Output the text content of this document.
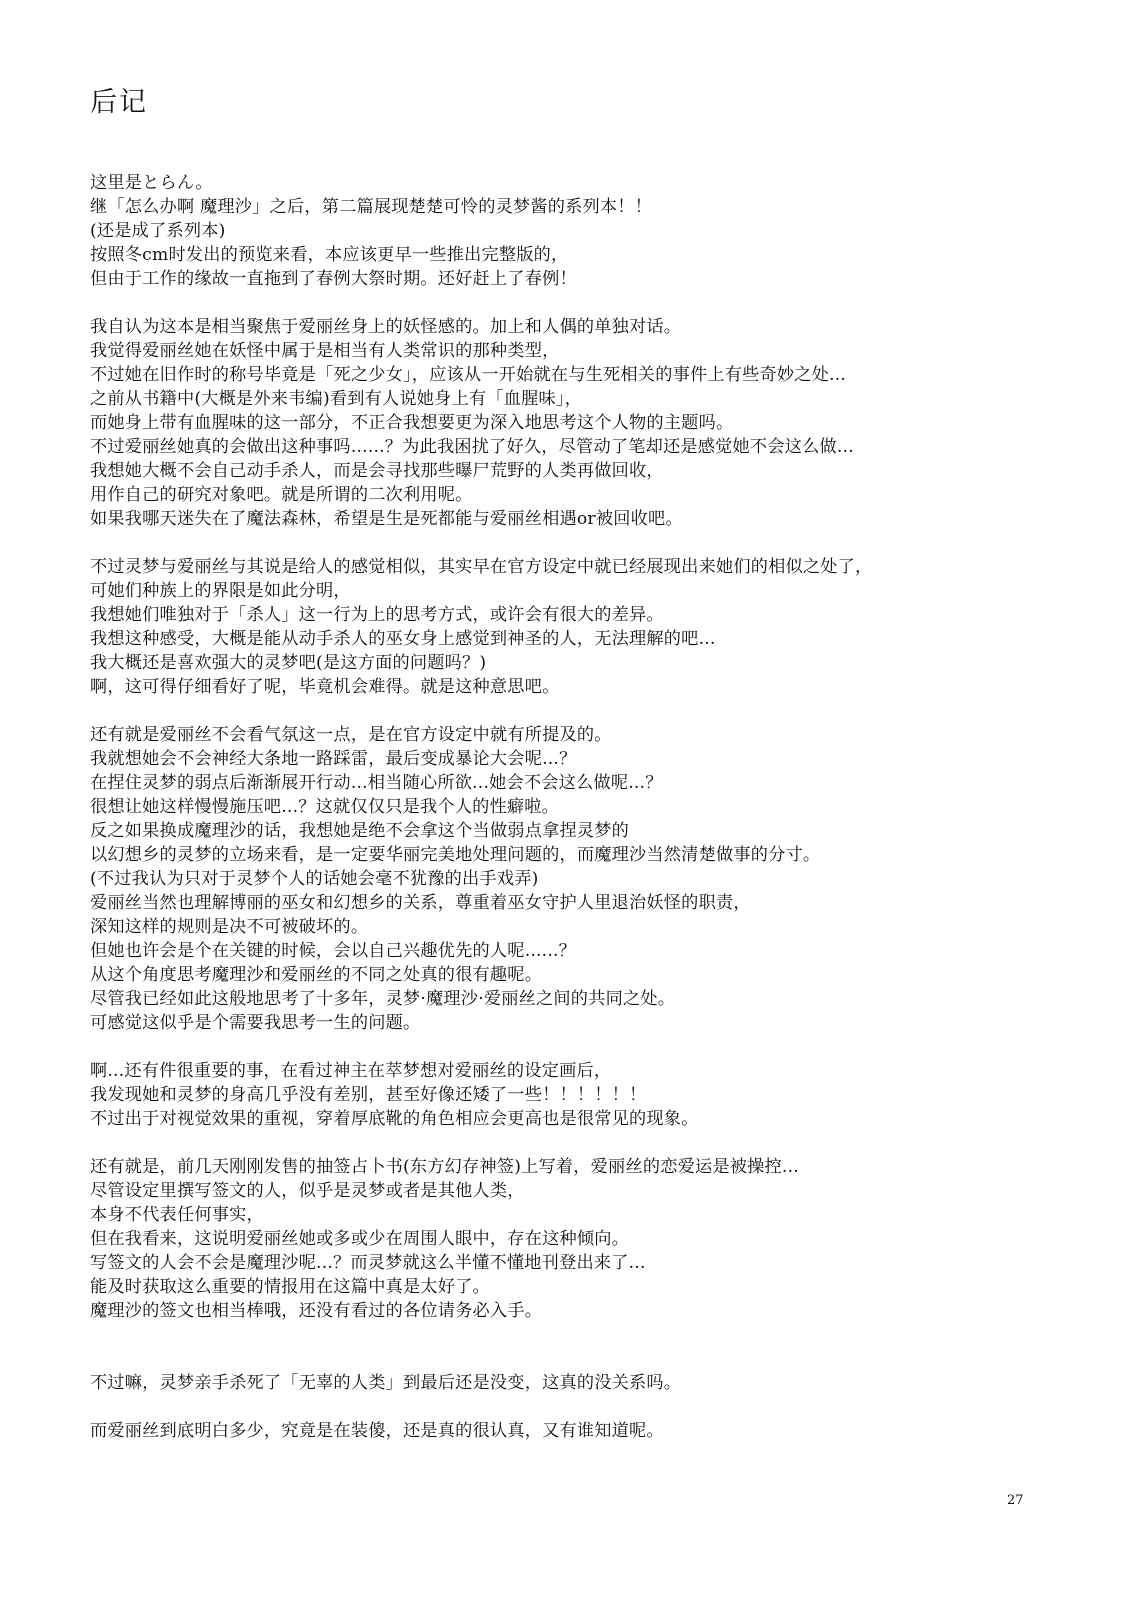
后记
这里是とらん。
继「怎么办啊 魔理沙」之后，第二篇展现楚楚可怜的灵梦酱的系列本！！
(还是成了系列本)
按照冬cm时发出的预览来看，本应该更早一些推出完整版的，
但由于工作的缘故一直拖到了春例大祭时期。还好赶上了春例！
我自认为这本是相当聚焦于爱丽丝身上的妖怪感的。加上和人偶的单独对话。
我觉得爱丽丝她在妖怪中属于是相当有人类常识的那种类型，
不过她在旧作时的称号毕竟是「死之少女」，应该从一开始就在与生死相关的事件上有些奇妙之处...
之前从书籍中(大概是外来韦编)看到有人说她身上有「血腥味」，
而她身上带有血腥味的这一部分，不正合我想要更为深入地思考这个人物的主题吗。
不过爱丽丝她真的会做出这种事吗......？为此我困扰了好久，尽管动了笔却还是感觉她不会这么做...
我想她大概不会自己动手杀人，而是会寻找那些曝尸荒野的人类再做回收，
用作自己的研究对象吧。就是所谓的二次利用呢。
如果我哪天迷失在了魔法森林，希望是生是死都能与爱丽丝相遇or被回收吧。
不过灵梦与爱丽丝与其说是给人的感觉相似，其实早在官方设定中就已经展现出来她们的相似之处了，
可她们种族上的界限是如此分明，
我想她们唯独对于「杀人」这一行为上的思考方式，或许会有很大的差异。
我想这种感受，大概是能从动手杀人的巫女身上感觉到神圣的人，无法理解的吧...
我大概还是喜欢强大的灵梦吧(是这方面的问题吗？)
啊，这可得仔细看好了呢，毕竟机会难得。就是这种意思吧。
还有就是爱丽丝不会看气氛这一点，是在官方设定中就有所提及的。
我就想她会不会神经大条地一路踩雷，最后变成暴论大会呢...？
在捏住灵梦的弱点后渐渐展开行动...相当随心所欲...她会不会这么做呢...？
很想让她这样慢慢施压吧...？这就仅仅只是我个人的性癖啦。
反之如果换成魔理沙的话，我想她是绝不会拿这个当做弱点拿捏灵梦的
以幻想乡的灵梦的立场来看，是一定要华丽完美地处理问题的，而魔理沙当然清楚做事的分寸。
(不过我认为只对于灵梦个人的话她会毫不犹豫的出手戏弄)
爱丽丝当然也理解博丽的巫女和幻想乡的关系，尊重着巫女守护人里退治妖怪的职责，
深知这样的规则是决不可被破坏的。
但她也许会是个在关键的时候，会以自己兴趣优先的人呢......？
从这个角度思考魔理沙和爱丽丝的不同之处真的很有趣呢。
尽管我已经如此这般地思考了十多年，灵梦·魔理沙·爱丽丝之间的共同之处。
可感觉这似乎是个需要我思考一生的问题。
啊...还有件很重要的事，在看过神主在萃梦想对爱丽丝的设定画后，
我发现她和灵梦的身高几乎没有差别，甚至好像还矮了一些！！！！！！
不过出于对视觉效果的重视，穿着厚底靴的角色相应会更高也是很常见的现象。
还有就是，前几天刚刚发售的抽签占卜书(东方幻存神签)上写着，爱丽丝的恋爱运是被操控...
尽管设定里撰写签文的人，似乎是灵梦或者是其他人类，
本身不代表任何事实，
但在我看来，这说明爱丽丝她或多或少在周围人眼中，存在这种倾向。
写签文的人会不会是魔理沙呢...？而灵梦就这么半懂不懂地刊登出来了...
能及时获取这么重要的情报用在这篇中真是太好了。
魔理沙的签文也相当棒哦，还没有看过的各位请务必入手。
不过嘛，灵梦亲手杀死了「无辜的人类」到最后还是没变，这真的没关系吗。
而爱丽丝到底明白多少，究竟是在装傻，还是真的很认真，又有谁知道呢。
27
